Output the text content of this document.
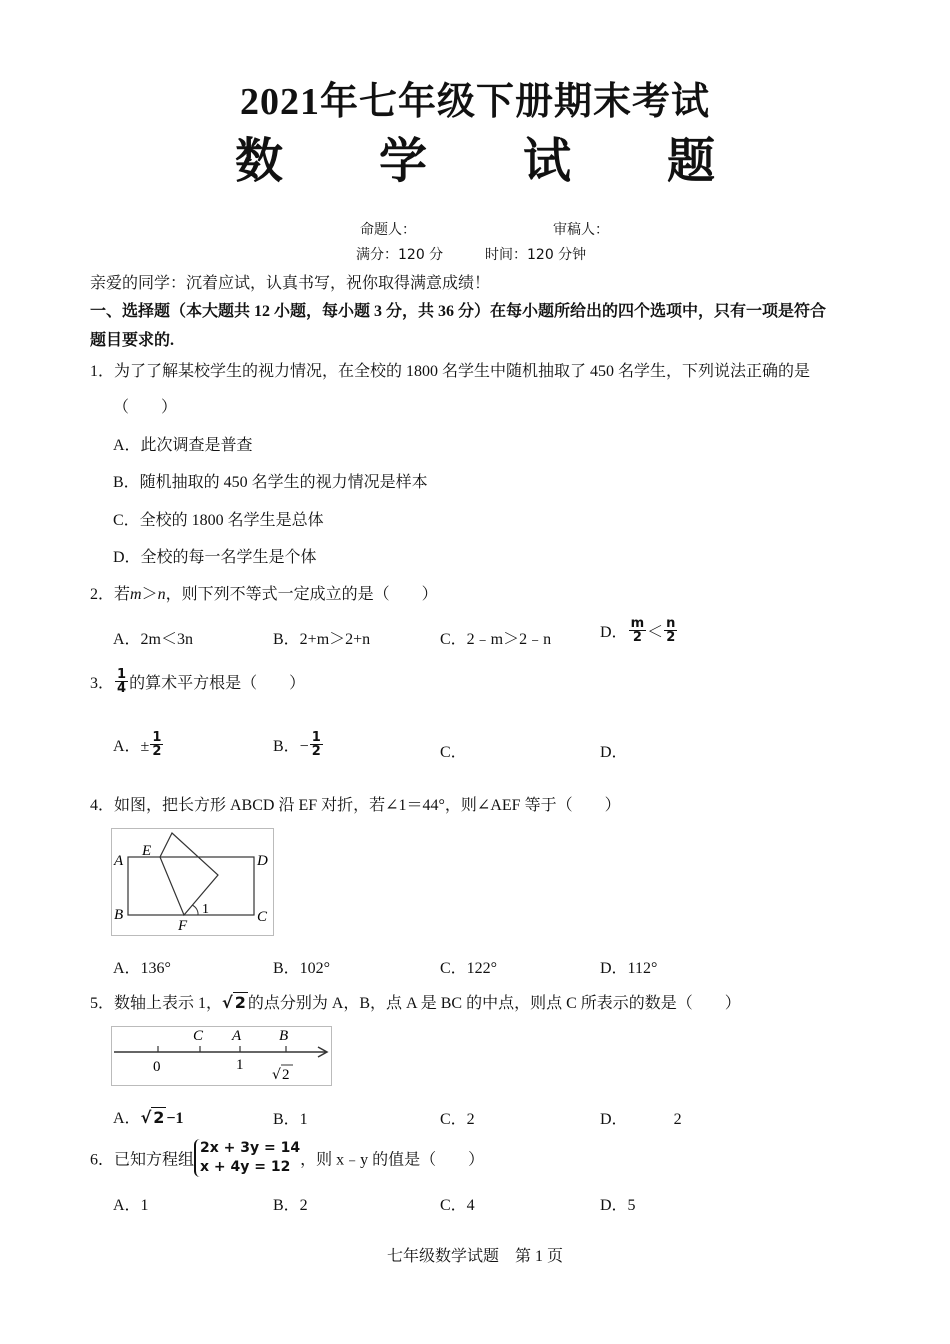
2021年七年级下册期末考试
数 学 试 题
命题人：	审稿人：
满分：120 分	时间：120 分钟
亲爱的同学：沉着应试，认真书写，祝你取得满意成绩！
一、选择题（本大题共 12 小题，每小题 3 分，共 36 分）在每小题所给出的四个选项中，只有一项是符合
题目要求的.
1．为了了解某校学生的视力情况，在全校的 1800 名学生中随机抽取了 450 名学生，下列说法正确的是
（　　）
A．此次调查是普查
B．随机抽取的 450 名学生的视力情况是样本
C．全校的 1800 名学生是总体
D．全校的每一名学生是个体
2．若m＞n，则下列不等式一定成立的是（　　）
A．2m＜3n	B．2+m＞2+n	C．2﹣m＞2﹣n	D． $\frac{m}{2} < \frac{n}{2}$
3． $\frac{1}{4}$ 的算术平方根是（　　）
A．± $\frac{1}{2}$	B．− $\frac{1}{2}$	C．	D．
4．如图，把长方形 ABCD 沿 EF 对折，若∠1＝44°，则∠AEF 等于（　　）
A
E
D
B	C
F
1
A．136°	B．102°	C．122°	D．112°
5．数轴上表示 1，√ 2 的点分别为 A，B，点 A 是 BC 的中点，则点 C 所表示的数是（　　）
C A	B
0	1
√ 2
A．√ 2 −1	B．1	C．2	D．	2
6．已知方程组
2x + 3y = 14
x + 4y = 12 ，则 x﹣y 的值是（　　）
A．1	B．2	C．4	D．5
七年级数学试题　第 1 页
